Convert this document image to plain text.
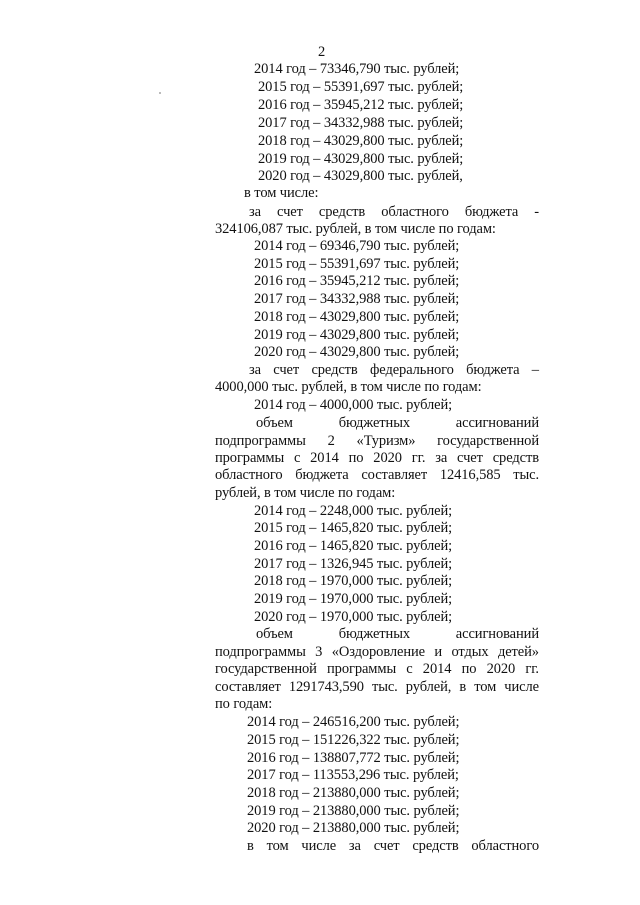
2
2014 год – 73346,790 тыс. рублей;
2015 год – 55391,697 тыс. рублей;
2016 год – 35945,212 тыс. рублей;
2017 год – 34332,988 тыс. рублей;
2018 год – 43029,800 тыс. рублей;
2019 год – 43029,800 тыс. рублей;
2020 год – 43029,800 тыс. рублей,
в том числе:
за счет средств областного бюджета -
324106,087 тыс. рублей, в том числе по годам:
2014 год – 69346,790 тыс. рублей;
2015 год – 55391,697 тыс. рублей;
2016 год – 35945,212 тыс. рублей;
2017 год – 34332,988 тыс. рублей;
2018 год – 43029,800 тыс. рублей;
2019 год – 43029,800 тыс. рублей;
2020 год – 43029,800 тыс. рублей;
за счет средств федерального бюджета –
4000,000 тыс. рублей, в том числе по годам:
2014 год – 4000,000 тыс. рублей;
объем	бюджетных	ассигнований
подпрограммы 2 «Туризм» государственной
программы с 2014 по 2020 гг. за счет средств
областного бюджета составляет 12416,585 тыс.
рублей, в том числе по годам:
2014 год – 2248,000 тыс. рублей;
2015 год – 1465,820 тыс. рублей;
2016 год – 1465,820 тыс. рублей;
2017 год – 1326,945 тыс. рублей;
2018 год – 1970,000 тыс. рублей;
2019 год – 1970,000 тыс. рублей;
2020 год – 1970,000 тыс. рублей;
объем	бюджетных	ассигнований
подпрограммы 3 «Оздоровление и отдых детей»
государственной программы с 2014 по 2020 гг.
составляет 1291743,590 тыс. рублей, в том числе
по годам:
2014 год – 246516,200 тыс. рублей;
2015 год – 151226,322 тыс. рублей;
2016 год – 138807,772 тыс. рублей;
2017 год – 113553,296 тыс. рублей;
2018 год – 213880,000 тыс. рублей;
2019 год – 213880,000 тыс. рублей;
2020 год – 213880,000 тыс. рублей;
в том числе за счет средств областного
